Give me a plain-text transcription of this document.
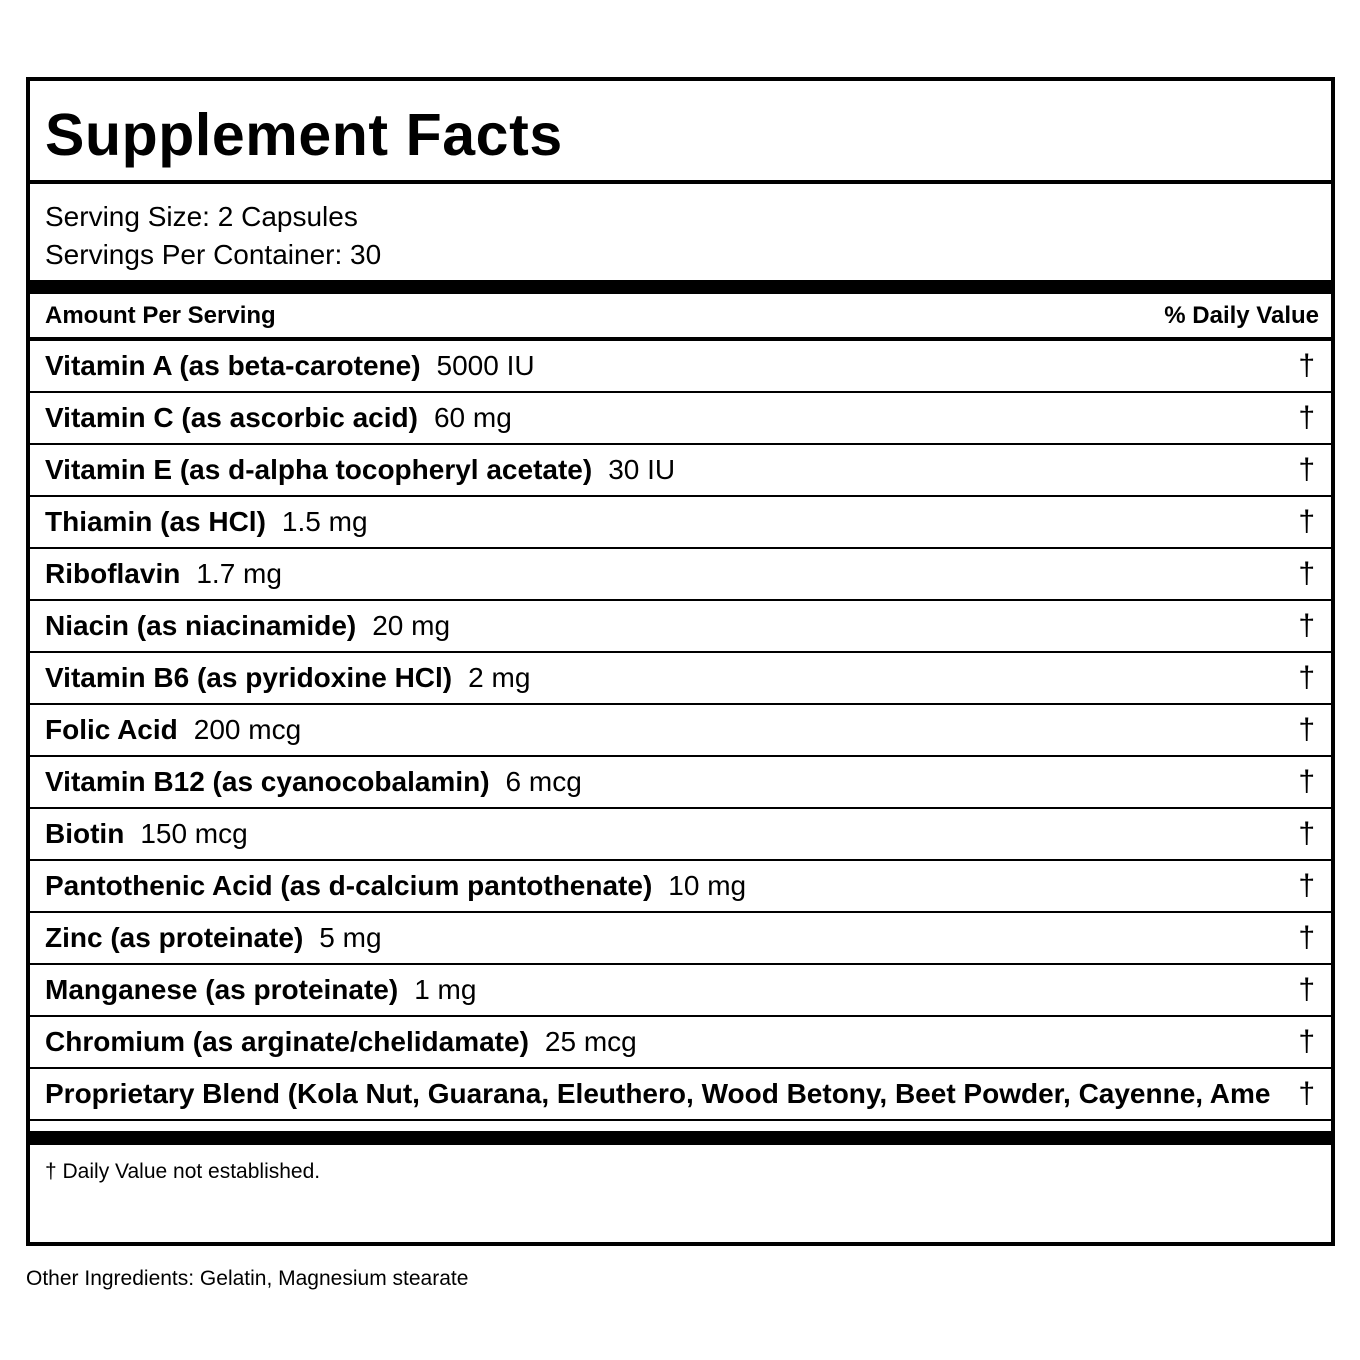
Supplement Facts
Serving Size: 2 Capsules
Servings Per Container: 30
Amount Per Serving	% Daily Value
Vitamin A (as beta-carotene) 5000 IU	†
Vitamin C (as ascorbic acid) 60 mg	†
Vitamin E (as d-alpha tocopheryl acetate) 30 IU	†
Thiamin (as HCl) 1.5 mg	†
Riboflavin 1.7 mg	†
Niacin (as niacinamide) 20 mg	†
Vitamin B6 (as pyridoxine HCl) 2 mg	†
Folic Acid 200 mcg	†
Vitamin B12 (as cyanocobalamin) 6 mcg	†
Biotin 150 mcg	†
Pantothenic Acid (as d-calcium pantothenate) 10 mg	†
Zinc (as proteinate) 5 mg	†
Manganese (as proteinate) 1 mg	†
Chromium (as arginate/chelidamate) 25 mcg	†
Proprietary Blend (Kola Nut, Guarana, Eleuthero, Wood Betony, Beet Powder, Cayenne, Ame †
† Daily Value not established.
Other Ingredients: Gelatin, Magnesium stearate
